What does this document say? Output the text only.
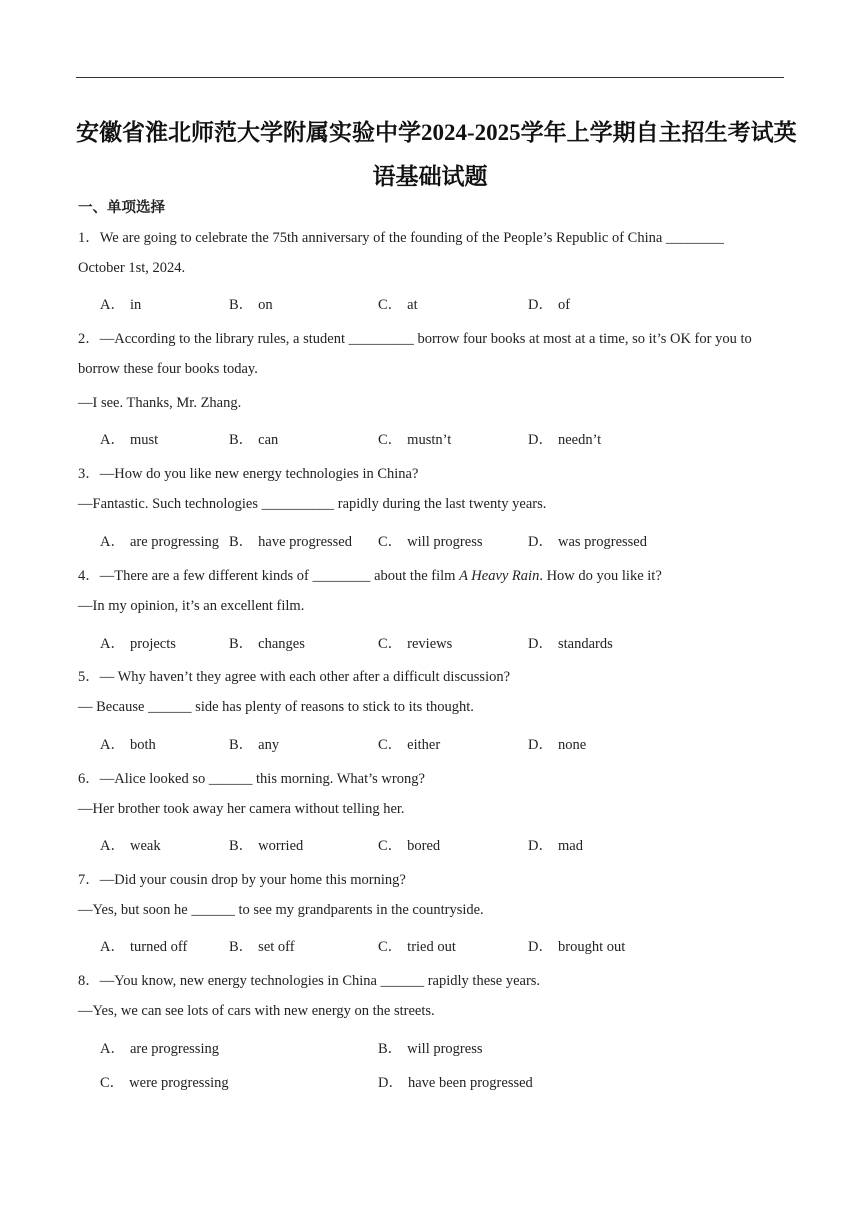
安徽省淮北师范大学附属实验中学2024-2025学年上学期自主招生考试英
语基础试题
一、单项选择
1．We are going to celebrate the 75th anniversary of the founding of the People’s Republic of China ________
October 1st, 2024.
A． in	B． on	C． at	D． of
2．—According to the library rules, a student _________ borrow four books at most at a time, so it’s OK for you to
borrow these four books today.
—I see. Thanks, Mr. Zhang.
A． must	B． can	C． mustn’t	D． needn’t
3．—How do you like new energy technologies in China?
—Fantastic. Such technologies __________ rapidly during the last twenty years.
A． are progressing B． have progressed C． will progress	D． was progressed
4．—There are a few different kinds of ________ about the film A Heavy Rain. How do you like it?
—In my opinion, it’s an excellent film.
A． projects	B． changes	C． reviews	D． standards
5．— Why haven’t they agree with each other after a difficult discussion?
— Because ______ side has plenty of reasons to stick to its thought.
A． both	B． any	C． either	D． none
6．—Alice looked so ______ this morning. What’s wrong?
—Her brother took away her camera without telling her.
A． weak	B． worried	C． bored	D． mad
7．—Did your cousin drop by your home this morning?
—Yes, but soon he ______ to see my grandparents in the countryside.
A． turned off	B． set off	C． tried out	D． brought out
8．—You know, new energy technologies in China ______ rapidly these years.
—Yes, we can see lots of cars with new energy on the streets.
A． are progressing	B． will progress
C． were progressing	D． have been progressed
